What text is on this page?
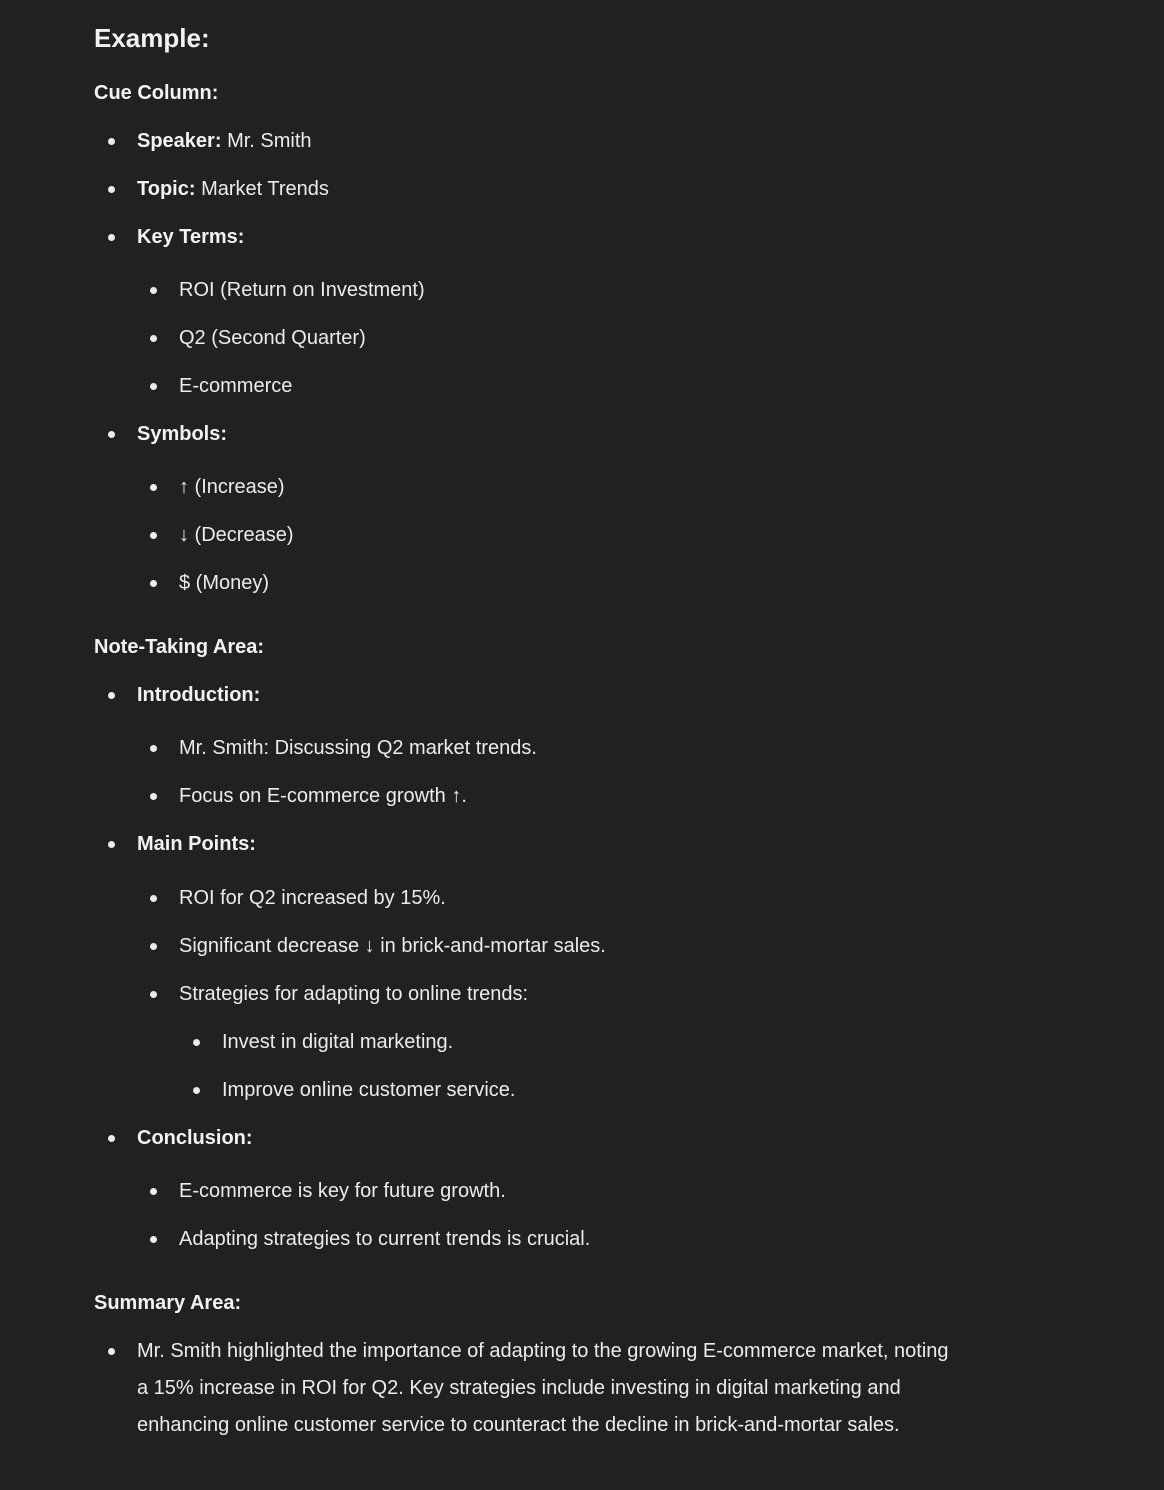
Example:

Cue Column:

Speaker: Mr. Smith
Topic: Market Trends
Key Terms:
ROI (Return on Investment)
Q2 (Second Quarter)
E-commerce
Symbols:
↑ (Increase)
↓ (Decrease)
$ (Money)

Note-Taking Area:

Introduction:
Mr. Smith: Discussing Q2 market trends.
Focus on E-commerce growth ↑.
Main Points:
ROI for Q2 increased by 15%.
Significant decrease ↓ in brick-and-mortar sales.
Strategies for adapting to online trends:
Invest in digital marketing.
Improve online customer service.
Conclusion:
E-commerce is key for future growth.
Adapting strategies to current trends is crucial.

Summary Area:

Mr. Smith highlighted the importance of adapting to the growing E-commerce market, noting
a 15% increase in ROI for Q2. Key strategies include investing in digital marketing and
enhancing online customer service to counteract the decline in brick-and-mortar sales.
